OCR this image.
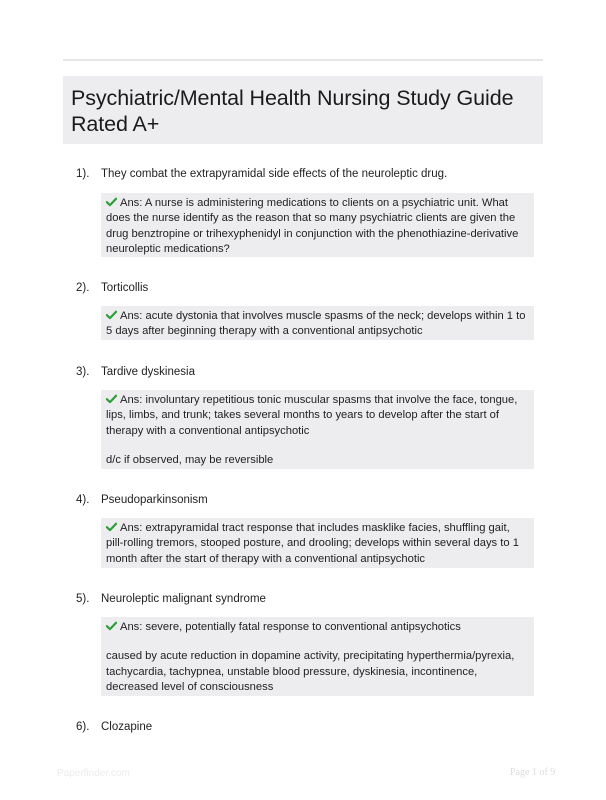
Psychiatric/Mental Health Nursing Study Guide
Rated A+
1). They combat the extrapyramidal side effects of the neuroleptic drug.

Ans: A nurse is administering medications to clients on a psychiatric unit. What does the nurse identify as the reason that so many psychiatric clients are given the drug benztropine or trihexyphenidyl in conjunction with the phenothiazine-derivative neuroleptic medications?

2). Torticollis

Ans: acute dystonia that involves muscle spasms of the neck; develops within 1 to 5 days after beginning therapy with a conventional antipsychotic

3). Tardive dyskinesia

Ans: involuntary repetitious tonic muscular spasms that involve the face, tongue, lips, limbs, and trunk; takes several months to years to develop after the start of therapy with a conventional antipsychotic

d/c if observed, may be reversible

4). Pseudoparkinsonism

Ans: extrapyramidal tract response that includes masklike facies, shuffling gait, pill-rolling tremors, stooped posture, and drooling; develops within several days to 1 month after the start of therapy with a conventional antipsychotic

5). Neuroleptic malignant syndrome

Ans: severe, potentially fatal response to conventional antipsychotics

caused by acute reduction in dopamine activity, precipitating hyperthermia/pyrexia, tachycardia, tachypnea, unstable blood pressure, dyskinesia, incontinence, decreased level of consciousness

6). Clozapine
Paperfinder.com	Page 1 of 9
